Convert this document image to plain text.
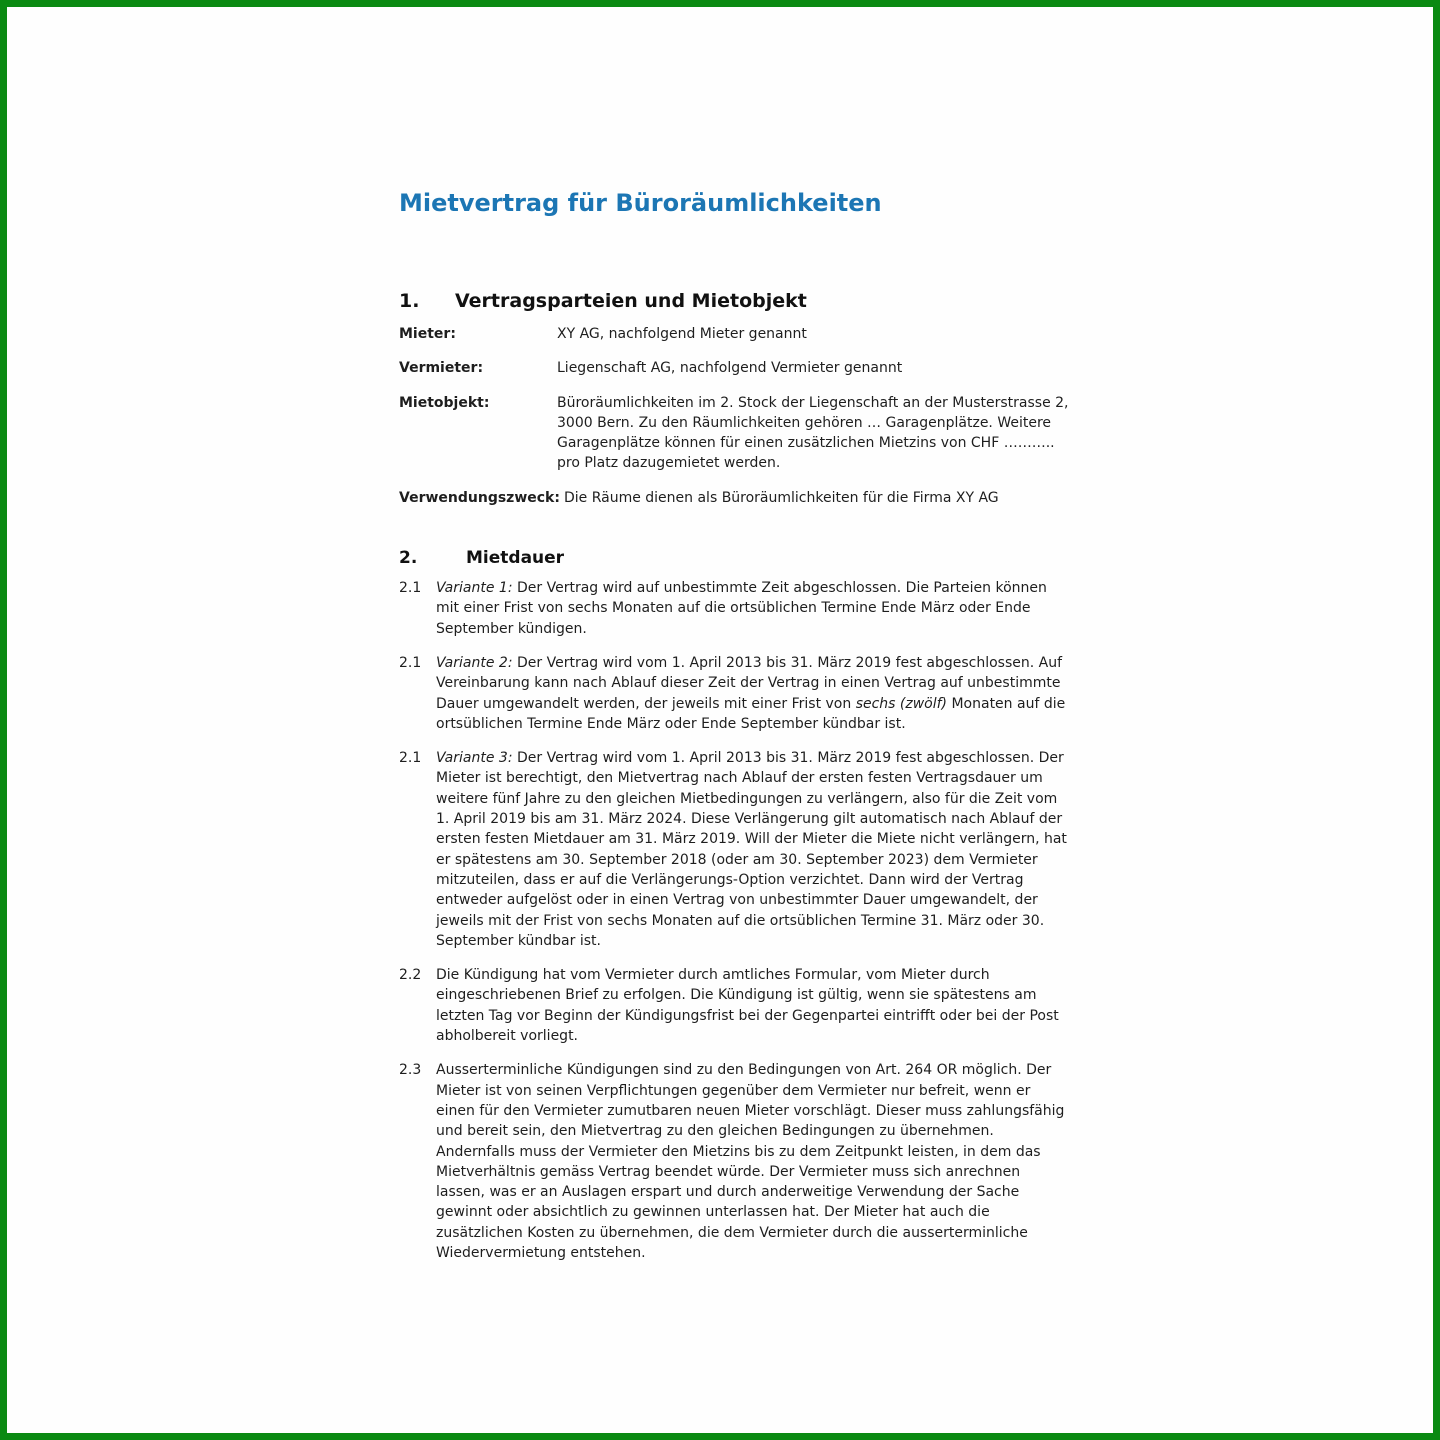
Mietvertrag für Büroräumlichkeiten
1.	Vertragsparteien und Mietobjekt
Mieter:	XY AG, nachfolgend Mieter genannt
Vermieter:	Liegenschaft AG, nachfolgend Vermieter genannt
Mietobjekt:	Büroräumlichkeiten im 2. Stock der Liegenschaft an der Musterstrasse 2, 3000 Bern. Zu den Räumlichkeiten gehören … Garagenplätze. Weitere Garagenplätze können für einen zusätzlichen Mietzins von CHF ……….. pro Platz dazugemietet werden.
Verwendungszweck: Die Räume dienen als Büroräumlichkeiten für die Firma XY AG
2.	Mietdauer
2.1	Variante 1: Der Vertrag wird auf unbestimmte Zeit abgeschlossen. Die Parteien können mit einer Frist von sechs Monaten auf die ortsüblichen Termine Ende März oder Ende September kündigen.
2.1	Variante 2: Der Vertrag wird vom 1. April 2013 bis 31. März 2019 fest abgeschlossen. Auf Vereinbarung kann nach Ablauf dieser Zeit der Vertrag in einen Vertrag auf unbestimmte Dauer umgewandelt werden, der jeweils mit einer Frist von sechs (zwölf) Monaten auf die ortsüblichen Termine Ende März oder Ende September kündbar ist.
2.1	Variante 3: Der Vertrag wird vom 1. April 2013 bis 31. März 2019 fest abgeschlossen. Der Mieter ist berechtigt, den Mietvertrag nach Ablauf der ersten festen Vertragsdauer um weitere fünf Jahre zu den gleichen Mietbedingungen zu verlängern, also für die Zeit vom 1. April 2019 bis am 31. März 2024. Diese Verlängerung gilt automatisch nach Ablauf der ersten festen Mietdauer am 31. März 2019. Will der Mieter die Miete nicht verlängern, hat er spätestens am 30. September 2018 (oder am 30. September 2023) dem Vermieter mitzuteilen, dass er auf die Verlängerungs-Option verzichtet. Dann wird der Vertrag entweder aufgelöst oder in einen Vertrag von unbestimmter Dauer umgewandelt, der jeweils mit der Frist von sechs Monaten auf die ortsüblichen Termine 31. März oder 30. September kündbar ist.
2.2	Die Kündigung hat vom Vermieter durch amtliches Formular, vom Mieter durch eingeschriebenen Brief zu erfolgen. Die Kündigung ist gültig, wenn sie spätestens am letzten Tag vor Beginn der Kündigungsfrist bei der Gegenpartei eintrifft oder bei der Post abholbereit vorliegt.
2.3	Ausserterminliche Kündigungen sind zu den Bedingungen von Art. 264 OR möglich. Der Mieter ist von seinen Verpflichtungen gegenüber dem Vermieter nur befreit, wenn er einen für den Vermieter zumutbaren neuen Mieter vorschlägt. Dieser muss zahlungsfähig und bereit sein, den Mietvertrag zu den gleichen Bedingungen zu übernehmen. Andernfalls muss der Vermieter den Mietzins bis zu dem Zeitpunkt leisten, in dem das Mietverhältnis gemäss Vertrag beendet würde. Der Vermieter muss sich anrechnen lassen, was er an Auslagen erspart und durch anderweitige Verwendung der Sache gewinnt oder absichtlich zu gewinnen unterlassen hat. Der Mieter hat auch die zusätzlichen Kosten zu übernehmen, die dem Vermieter durch die ausserterminliche Wiedervermietung entstehen.
